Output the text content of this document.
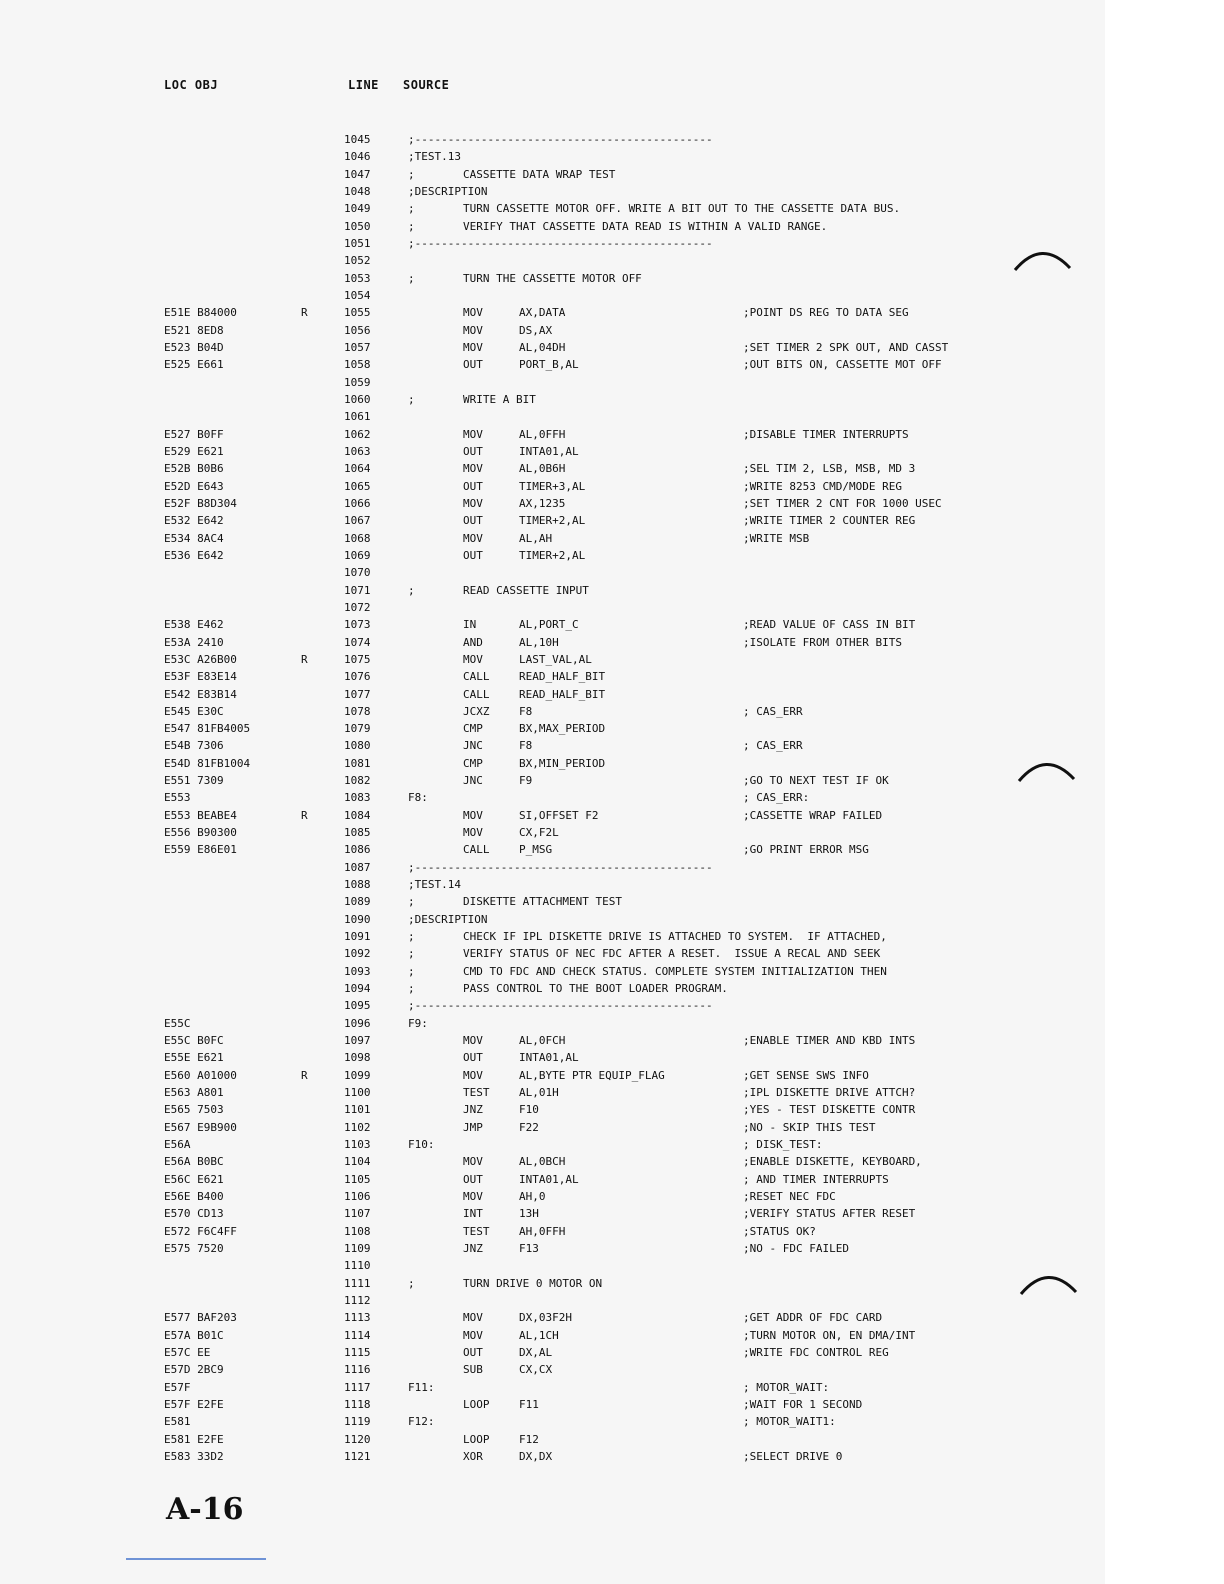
LOC OBJ	LINE SOURCE
1045	;---------------------------------------------
1046	;TEST.13
1047	;	CASSETTE DATA WRAP TEST
1048	;DESCRIPTION
1049	;	TURN CASSETTE MOTOR OFF. WRITE A BIT OUT TO THE CASSETTE DATA BUS.
1050	;	VERIFY THAT CASSETTE DATA READ IS WITHIN A VALID RANGE.
1051	;---------------------------------------------
1052
1053	;	TURN THE CASSETTE MOTOR OFF
1054
E51E B84000	R	1055	MOV	AX,DATA	;POINT DS REG TO DATA SEG
E521 8ED8	1056	MOV	DS,AX
E523 B04D	1057	MOV	AL,04DH	;SET TIMER 2 SPK OUT, AND CASST
E525 E661	1058	OUT	PORT_B,AL	;OUT BITS ON, CASSETTE MOT OFF
1059
1060	;	WRITE A BIT
1061
E527 B0FF	1062	MOV	AL,0FFH	;DISABLE TIMER INTERRUPTS
E529 E621	1063	OUT	INTA01,AL
E52B B0B6	1064	MOV	AL,0B6H	;SEL TIM 2, LSB, MSB, MD 3
E52D E643	1065	OUT	TIMER+3,AL	;WRITE 8253 CMD/MODE REG
E52F B8D304	1066	MOV	AX,1235	;SET TIMER 2 CNT FOR 1000 USEC
E532 E642	1067	OUT	TIMER+2,AL	;WRITE TIMER 2 COUNTER REG
E534 8AC4	1068	MOV	AL,AH	;WRITE MSB
E536 E642	1069	OUT	TIMER+2,AL
1070
1071	;	READ CASSETTE INPUT
1072
E538 E462	1073	IN	AL,PORT_C	;READ VALUE OF CASS IN BIT
E53A 2410	1074	AND	AL,10H	;ISOLATE FROM OTHER BITS
E53C A26B00	R	1075	MOV	LAST_VAL,AL
E53F E83E14	1076	CALL	READ_HALF_BIT
E542 E83B14	1077	CALL	READ_HALF_BIT
E545 E30C	1078	JCXZ	F8	; CAS_ERR
E547 81FB4005	1079	CMP	BX,MAX_PERIOD
E54B 7306	1080	JNC	F8	; CAS_ERR
E54D 81FB1004	1081	CMP	BX,MIN_PERIOD
E551 7309	1082	JNC	F9	;GO TO NEXT TEST IF OK
E553	1083	F8:	; CAS_ERR:
E553 BEABE4	R	1084	MOV	SI,OFFSET F2	;CASSETTE WRAP FAILED
E556 B90300	1085	MOV	CX,F2L
E559 E86E01	1086	CALL	P_MSG	;GO PRINT ERROR MSG
1087	;---------------------------------------------
1088	;TEST.14
1089	;	DISKETTE ATTACHMENT TEST
1090	;DESCRIPTION
1091	;	CHECK IF IPL DISKETTE DRIVE IS ATTACHED TO SYSTEM.  IF ATTACHED,
1092	;	VERIFY STATUS OF NEC FDC AFTER A RESET.  ISSUE A RECAL AND SEEK
1093	;	CMD TO FDC AND CHECK STATUS. COMPLETE SYSTEM INITIALIZATION THEN
1094	;	PASS CONTROL TO THE BOOT LOADER PROGRAM.
1095	;---------------------------------------------
E55C	1096	F9:
E55C B0FC	1097	MOV	AL,0FCH	;ENABLE TIMER AND KBD INTS
E55E E621	1098	OUT	INTA01,AL
E560 A01000	R	1099	MOV	AL,BYTE PTR EQUIP_FLAG	;GET SENSE SWS INFO
E563 A801	1100	TEST	AL,01H	;IPL DISKETTE DRIVE ATTCH?
E565 7503	1101	JNZ	F10	;YES - TEST DISKETTE CONTR
E567 E9B900	1102	JMP	F22	;NO - SKIP THIS TEST
E56A	1103	F10:	; DISK_TEST:
E56A B0BC	1104	MOV	AL,0BCH	;ENABLE DISKETTE, KEYBOARD,
E56C E621	1105	OUT	INTA01,AL	; AND TIMER INTERRUPTS
E56E B400	1106	MOV	AH,0	;RESET NEC FDC
E570 CD13	1107	INT	13H	;VERIFY STATUS AFTER RESET
E572 F6C4FF	1108	TEST	AH,0FFH	;STATUS OK?
E575 7520	1109	JNZ	F13	;NO - FDC FAILED
1110
1111	;	TURN DRIVE 0 MOTOR ON
1112
E577 BAF203	1113	MOV	DX,03F2H	;GET ADDR OF FDC CARD
E57A B01C	1114	MOV	AL,1CH	;TURN MOTOR ON, EN DMA/INT
E57C EE	1115	OUT	DX,AL	;WRITE FDC CONTROL REG
E57D 2BC9	1116	SUB	CX,CX
E57F	1117	F11:	; MOTOR_WAIT:
E57F E2FE	1118	LOOP	F11	;WAIT FOR 1 SECOND
E581	1119	F12:	; MOTOR_WAIT1:
E581 E2FE	1120	LOOP	F12
E583 33D2	1121	XOR	DX,DX	;SELECT DRIVE 0
A-16
